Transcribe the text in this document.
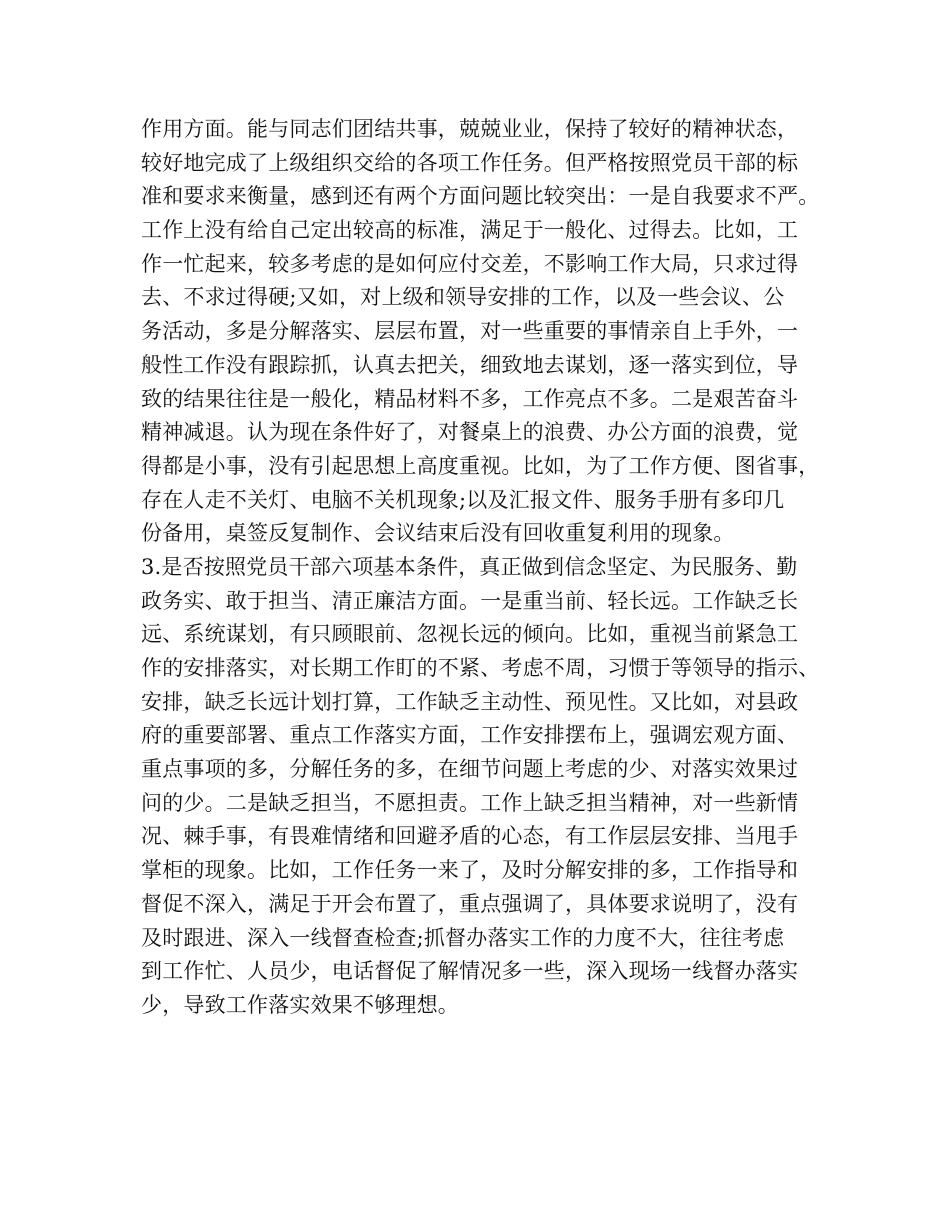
作用方面。能与同志们团结共事，兢兢业业，保持了较好的精神状态，
较好地完成了上级组织交给的各项工作任务。但严格按照党员干部的标
准和要求来衡量，感到还有两个方面问题比较突出：一是自我要求不严。
工作上没有给自己定出较高的标准，满足于一般化、过得去。比如，工
作一忙起来，较多考虑的是如何应付交差，不影响工作大局，只求过得
去、不求过得硬;又如，对上级和领导安排的工作，以及一些会议、公
务活动，多是分解落实、层层布置，对一些重要的事情亲自上手外，一
般性工作没有跟踪抓，认真去把关，细致地去谋划，逐一落实到位，导
致的结果往往是一般化，精品材料不多，工作亮点不多。二是艰苦奋斗
精神减退。认为现在条件好了，对餐桌上的浪费、办公方面的浪费，觉
得都是小事，没有引起思想上高度重视。比如，为了工作方便、图省事，
存在人走不关灯、电脑不关机现象;以及汇报文件、服务手册有多印几
份备用，桌签反复制作、会议结束后没有回收重复利用的现象。
3.是否按照党员干部六项基本条件，真正做到信念坚定、为民服务、勤
政务实、敢于担当、清正廉洁方面。一是重当前、轻长远。工作缺乏长
远、系统谋划，有只顾眼前、忽视长远的倾向。比如，重视当前紧急工
作的安排落实，对长期工作盯的不紧、考虑不周，习惯于等领导的指示、
安排，缺乏长远计划打算，工作缺乏主动性、预见性。又比如，对县政
府的重要部署、重点工作落实方面，工作安排摆布上，强调宏观方面、
重点事项的多，分解任务的多，在细节问题上考虑的少、对落实效果过
问的少。二是缺乏担当，不愿担责。工作上缺乏担当精神，对一些新情
况、棘手事，有畏难情绪和回避矛盾的心态，有工作层层安排、当甩手
掌柜的现象。比如，工作任务一来了，及时分解安排的多，工作指导和
督促不深入，满足于开会布置了，重点强调了，具体要求说明了，没有
及时跟进、深入一线督查检查;抓督办落实工作的力度不大，往往考虑
到工作忙、人员少，电话督促了解情况多一些，深入现场一线督办落实
少，导致工作落实效果不够理想。
